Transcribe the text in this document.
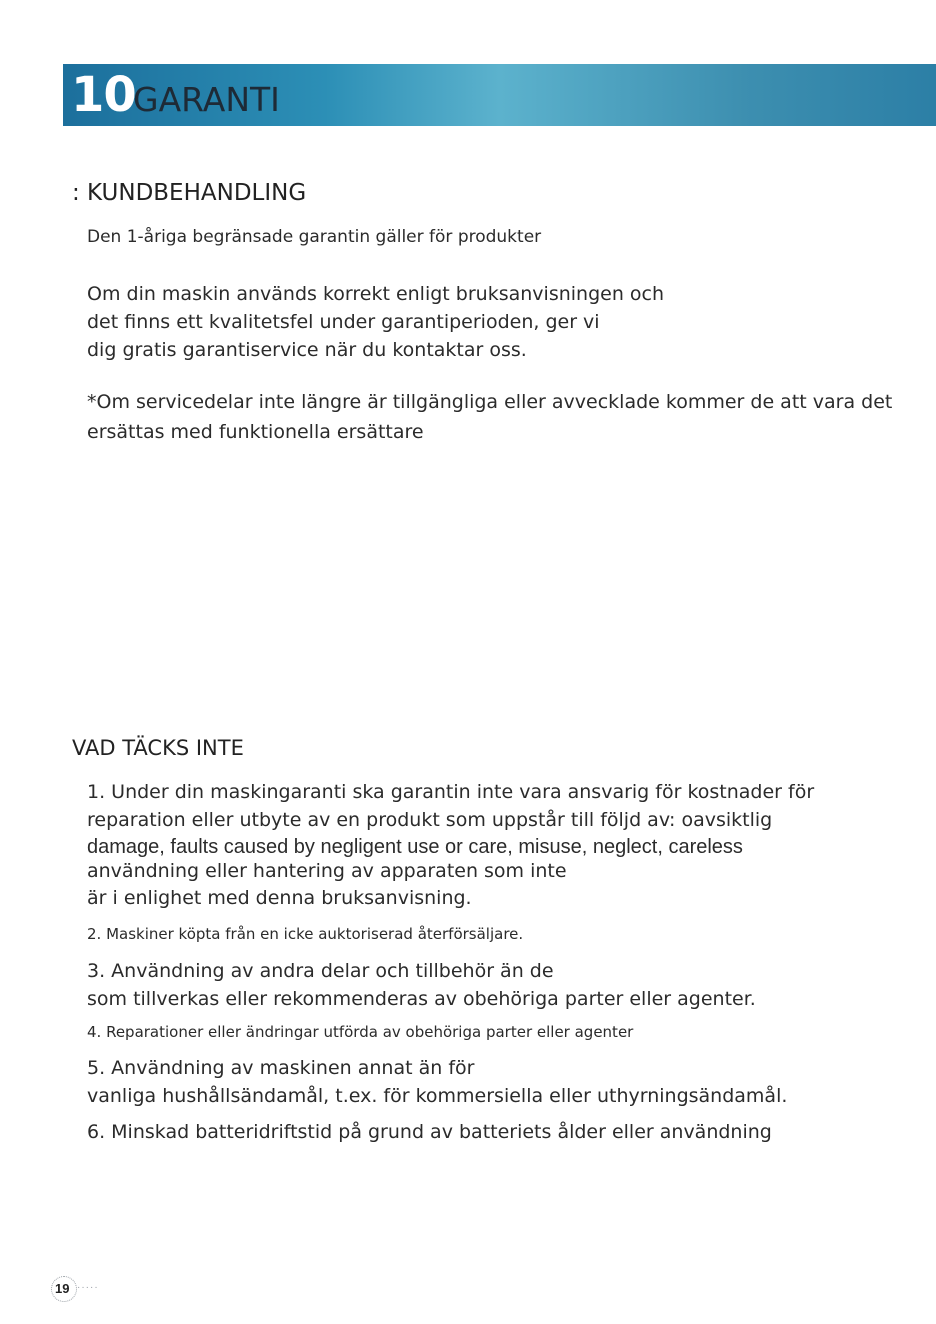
10
GARANTI
: KUNDBEHANDLING
Den 1-åriga begränsade garantin gäller för produkter
Om din maskin används korrekt enligt bruksanvisningen och
det finns ett kvalitetsfel under garantiperioden, ger vi
dig gratis garantiservice när du kontaktar oss.
*Om servicedelar inte längre är tillgängliga eller avvecklade kommer de att vara det
ersättas med funktionella ersättare
VAD TÄCKS INTE
1. Under din maskingaranti ska garantin inte vara ansvarig för kostnader för
reparation eller utbyte av en produkt som uppstår till följd av: oavsiktlig
damage, faults caused by negligent use or care, misuse, neglect, careless
användning eller hantering av apparaten som inte
är i enlighet med denna bruksanvisning.
2. Maskiner köpta från en icke auktoriserad återförsäljare.
3. Användning av andra delar och tillbehör än de
som tillverkas eller rekommenderas av obehöriga parter eller agenter.
4. Reparationer eller ändringar utförda av obehöriga parter eller agenter
5. Användning av maskinen annat än för
vanliga hushållsändamål, t.ex. för kommersiella eller uthyrningsändamål.
6. Minskad batteridriftstid på grund av batteriets ålder eller användning
19 ·····
